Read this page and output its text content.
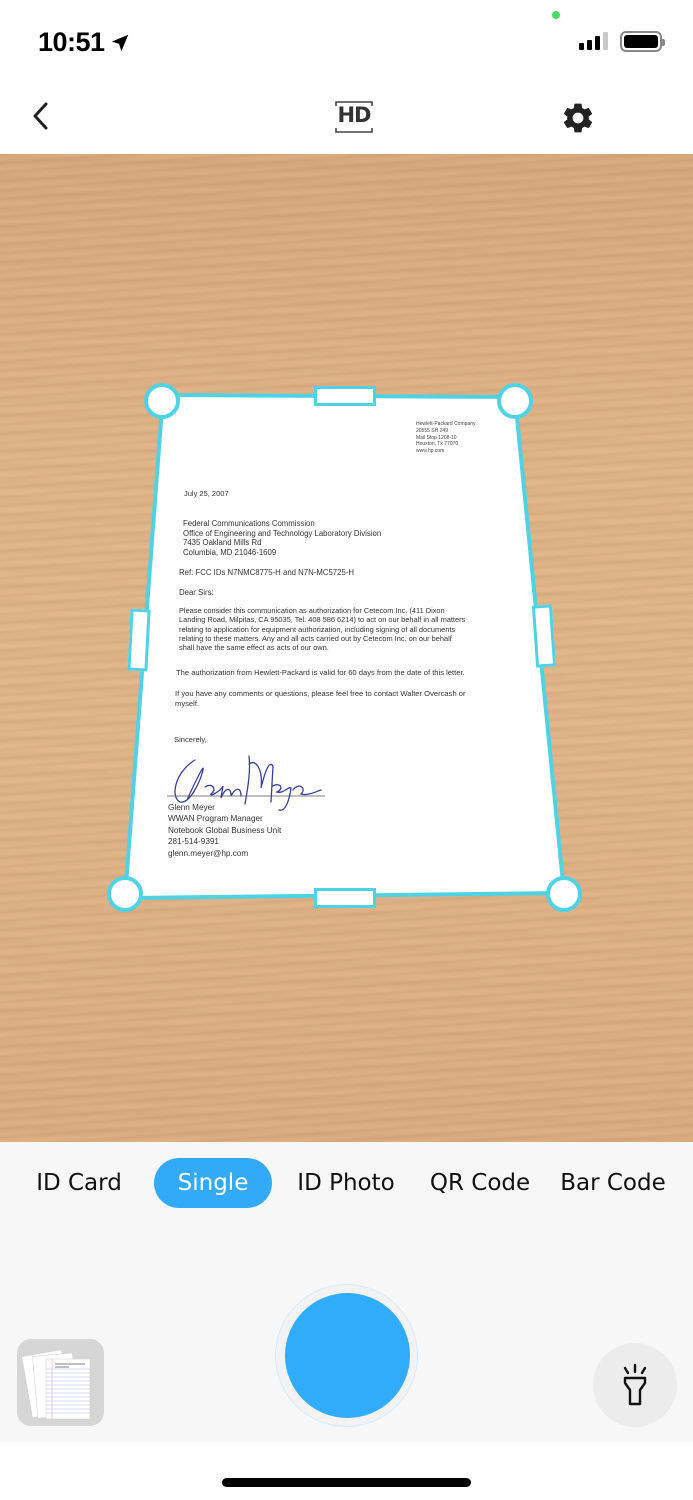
10:51
HD

Hewlett-Packard Company

20555 SH 249

Mail Stop 1208-10

Houston, Tx 77070

www.hp.com

July 25, 2007

Federal Communications Commission

Office of Engineering and Technology Laboratory Division

7435 Oakland Mills Rd

Columbia, MD 21046-1609

Ref: FCC IDs N7NMC8775-H and N7N-MC5725-H
Dear Sirs:

Please consider this communication as authorization for Cetecom Inc. (411 Dixon

Landing Road, Milpitas, CA 95035, Tel. 408 586 6214) to act on our behalf in all matters

relating to application for equipment authorization, including signing of all documents

relating to these matters. Any and all acts carried out by Cetecom Inc. on our behalf

shall have the same effect as acts of our own.

The authorization from Hewlett-Packard is valid for 60 days from the date of this letter.

If you have any comments or questions, please feel free to contact Walter Overcash or

myself.

Sincerely,

Glenn Meyer

WWAN Program Manager

Notebook Global Business Unit

281-514-9391

glenn.meyer@hp.com

ID Card	Single	ID Photo	QR Code	Bar Code
